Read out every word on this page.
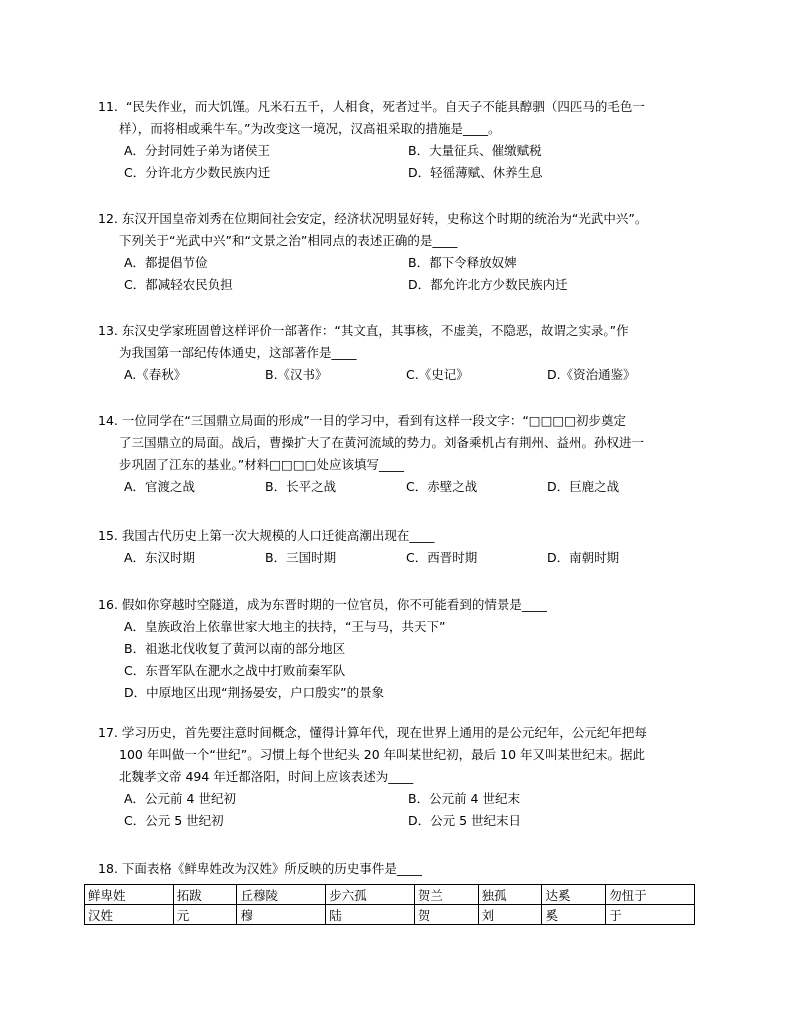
11. “民失作业，而大饥馑。凡米石五千，人相食，死者过半。自天子不能具醇驷（四匹马的毛色一
样），而将相或乘牛车。”为改变这一境况，汉高祖采取的措施是____。
A．分封同姓子弟为诸侯王	B．大量征兵、催缴赋税
C．分许北方少数民族内迁	D．轻徭薄赋、休养生息
12. 东汉开国皇帝刘秀在位期间社会安定，经济状况明显好转，史称这个时期的统治为“光武中兴”。
下列关于“光武中兴”和“文景之治”相同点的表述正确的是____
A．都提倡节俭	B．都下令释放奴婢
C．都减轻农民负担	D．都允许北方少数民族内迁
13. 东汉史学家班固曾这样评价一部著作：“其文直，其事核，不虚美，不隐恶，故谓之实录。”作
为我国第一部纪传体通史，这部著作是____
A.《春秋》	B.《汉书》	C.《史记》	D.《资治通鉴》
14. 一位同学在“三国鼎立局面的形成”一目的学习中，看到有这样一段文字：“□□□□初步奠定
了三国鼎立的局面。战后，曹操扩大了在黄河流域的势力。刘备乘机占有荆州、益州。孙权进一
步巩固了江东的基业。”材料□□□□处应该填写____
A．官渡之战	B．长平之战	C．赤壁之战	D．巨鹿之战
15. 我国古代历史上第一次大规模的人口迁徙高潮出现在____
A．东汉时期	B．三国时期	C．西晋时期	D．南朝时期
16. 假如你穿越时空隧道，成为东晋时期的一位官员，你不可能看到的情景是____
A．皇族政治上依靠世家大地主的扶持，“王与马，共天下”
B．祖逖北伐收复了黄河以南的部分地区
C．东晋军队在淝水之战中打败前秦军队
D．中原地区出现“荆扬晏安，户口殷实”的景象
17. 学习历史，首先要注意时间概念，懂得计算年代，现在世界上通用的是公元纪年，公元纪年把每
100 年叫做一个“世纪”。习惯上每个世纪头 20 年叫某世纪初，最后 10 年又叫某世纪末。据此
北魏孝文帝 494 年迁都洛阳，时间上应该表述为____
A．公元前 4 世纪初	B．公元前 4 世纪末
C．公元 5 世纪初	D．公元 5 世纪末日
18. 下面表格《鲜卑姓改为汉姓》所反映的历史事件是____
鲜卑姓	拓跋	丘穆陵	步六孤	贺兰	独孤	达奚	勿忸于
汉姓	元	穆	陆	贺	刘	奚	于
